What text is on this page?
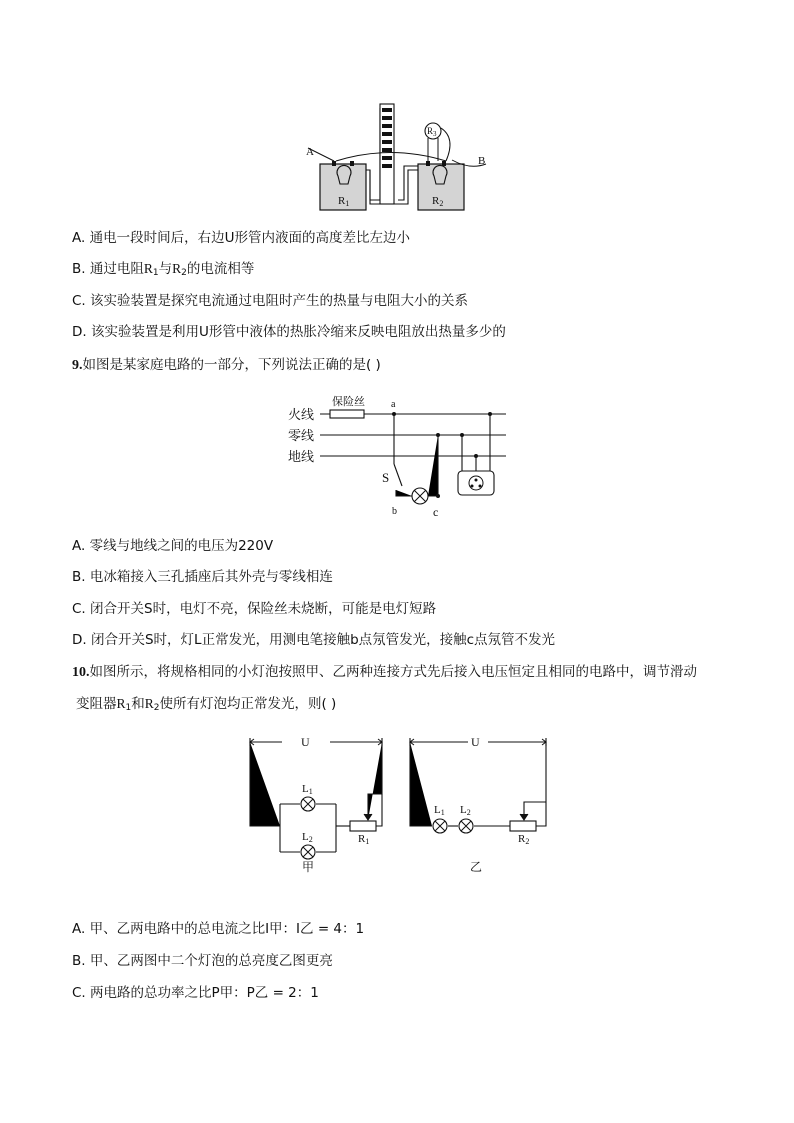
A
B
R1	R2
$R_3$
A. 通电一段时间后，右边U形管内液面的高度差比左边小
B. 通过电阻$R_1$与$R_2$的电流相等
C. 该实验装置是探究电流通过电阻时产生的热量与电阻大小的关系
D. 该实验装置是利用U形管中液体的热胀冷缩来反映电阻放出热量多少的
9.如图是某家庭电路的一部分，下列说法正确的是( )
火线
零线
地线
保险丝	a
S
b	c
A. 零线与地线之间的电压为220V
B. 电冰箱接入三孔插座后其外壳与零线相连
C. 闭合开关S时，电灯不亮，保险丝未烧断，可能是电灯短路
D. 闭合开关S时，灯L正常发光，用测电笔接触b点氖管发光，接触c点氖管不发光
10.如图所示，将规格相同的小灯泡按照甲、乙两种连接方式先后接入电压恒定且相同的电路中，调节滑动
变阻器$R_1$和$R_2$使所有灯泡均正常发光，则( )
U
L1
L2	R1
甲
U
L1 L2
R2
乙
A. 甲、乙两电路中的总电流之比I甲：I乙 = 4：1
B. 甲、乙两图中二个灯泡的总亮度乙图更亮
C. 两电路的总功率之比P甲：P乙 = 2：1
